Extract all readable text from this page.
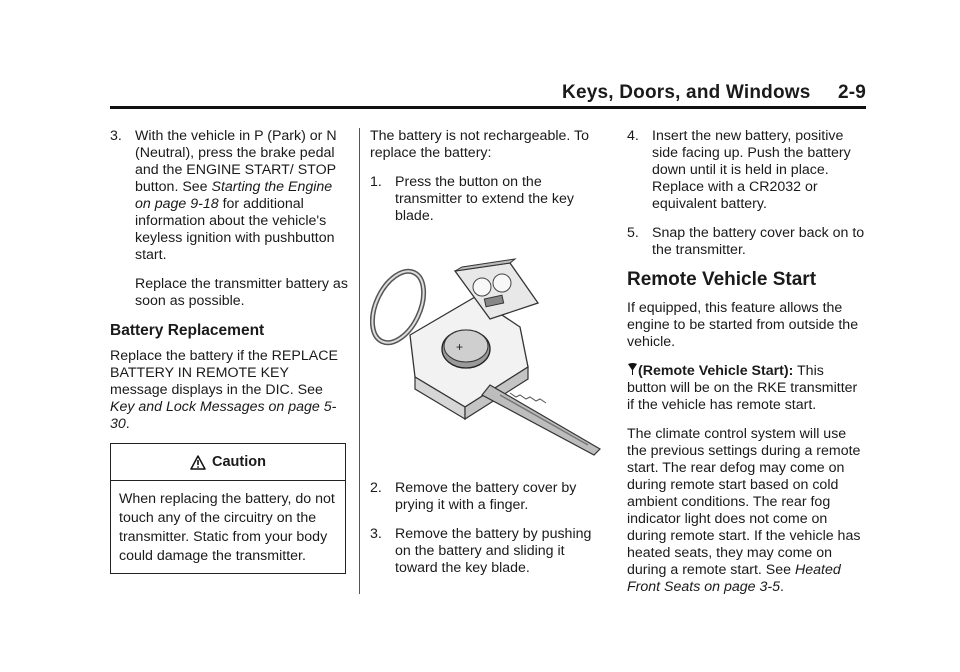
Keys, Doors, and Windows 2-9
3. With the vehicle in P (Park) or N (Neutral), press the brake pedal and the ENGINE START/ STOP button. See Starting the Engine on page 9-18 for additional information about the vehicle's keyless ignition with pushbutton start.

Replace the transmitter battery as soon as possible.

Battery Replacement

Replace the battery if the REPLACE BATTERY IN REMOTE KEY message displays in the DIC. See Key and Lock Messages on page 5-30.

Caution
When replacing the battery, do not touch any of the circuitry on the transmitter. Static from your body could damage the transmitter.

The battery is not rechargeable. To replace the battery:

1. Press the button on the transmitter to extend the key blade.
+
2. Remove the battery cover by prying it with a finger.
3. Remove the battery by pushing on the battery and sliding it toward the key blade.
4. Insert the new battery, positive side facing up. Push the battery down until it is held in place. Replace with a CR2032 or equivalent battery.
5. Snap the battery cover back on to the transmitter.
Remote Vehicle Start

If equipped, this feature allows the engine to be started from outside the vehicle.

(Remote Vehicle Start): This button will be on the RKE transmitter if the vehicle has remote start.

The climate control system will use the previous settings during a remote start. The rear defog may come on during remote start based on cold ambient conditions. The rear fog indicator light does not come on during remote start. If the vehicle has heated seats, they may come on during a remote start. See Heated Front Seats on page 3-5.
